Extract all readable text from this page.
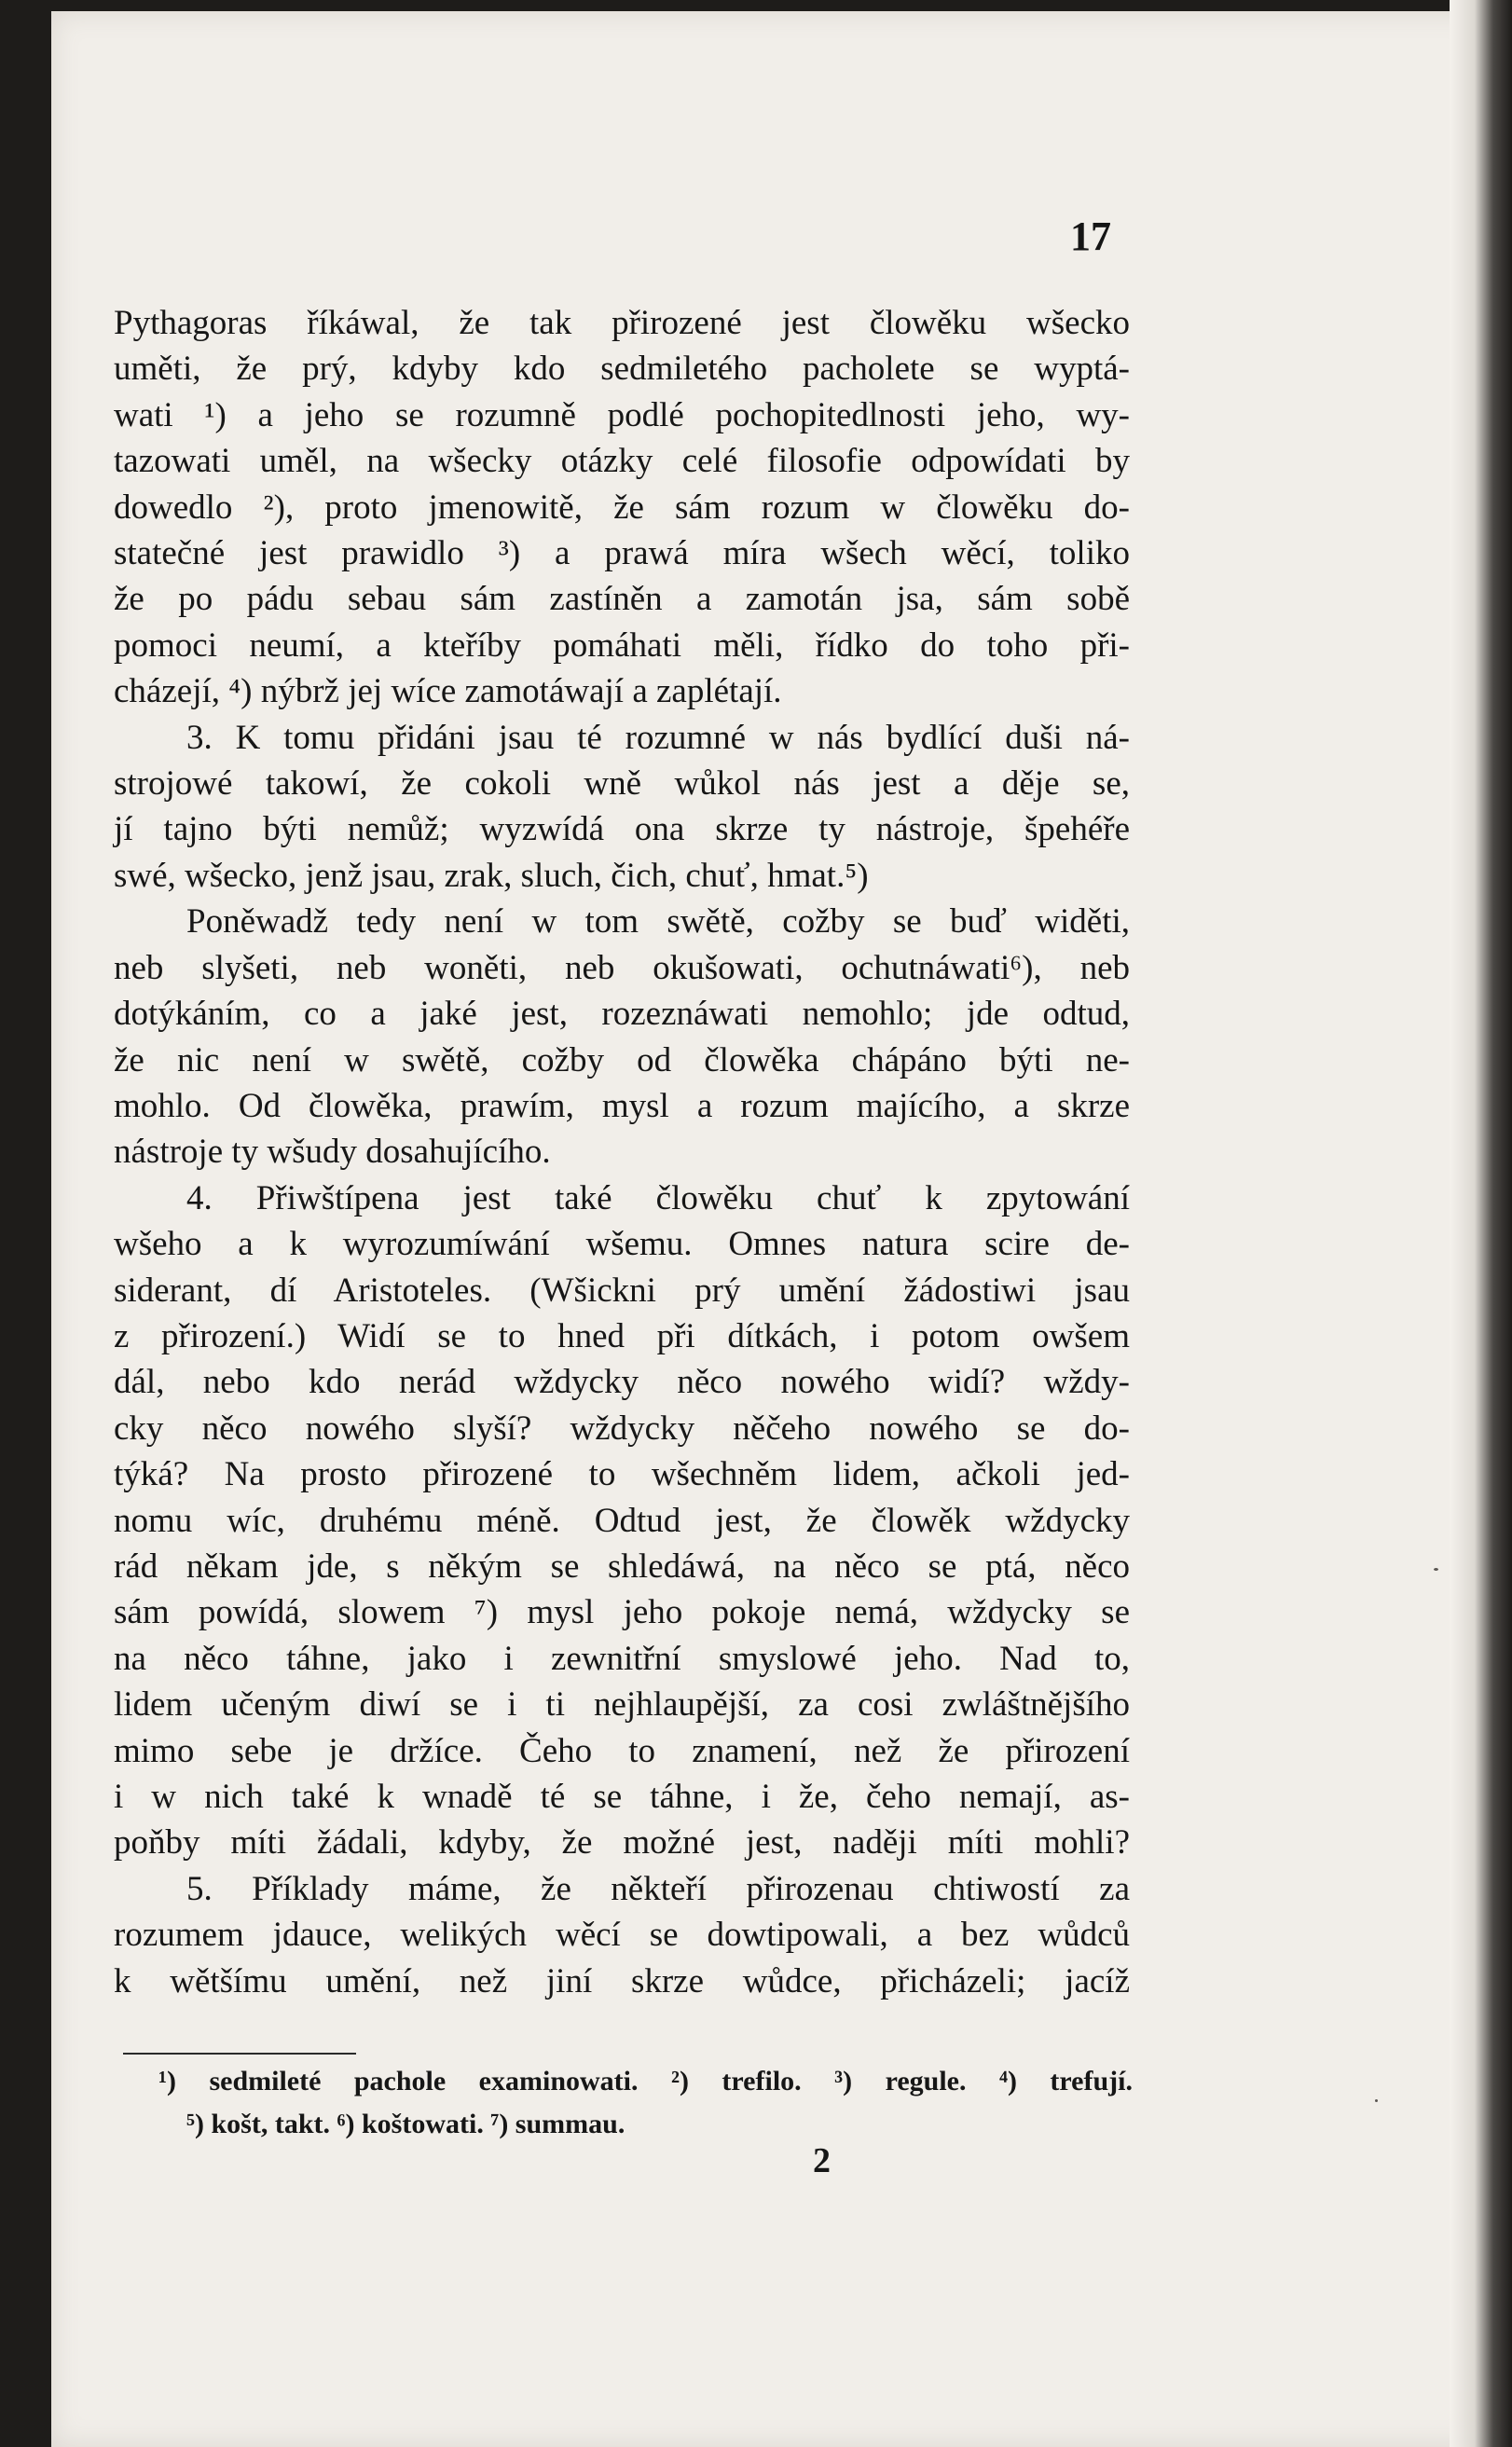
17
Pythagoras říkáwal, že tak přirozené jest člowěku wšecko
uměti, že prý, kdyby kdo sedmiletého pacholete se wyptá-
wati ¹) a jeho se rozumně podlé pochopitedlnosti jeho, wy-
tazowati uměl, na wšecky otázky celé filosofie odpowídati by
dowedlo ²), proto jmenowitě, že sám rozum w člowěku do-
statečné jest prawidlo ³) a prawá míra wšech wěcí, toliko
že po pádu sebau sám zastíněn a zamotán jsa, sám sobě
pomoci neumí, a kteříby pomáhati měli, řídko do toho při-
cházejí, ⁴) nýbrž jej wíce zamotáwají a zaplétají.
3. K tomu přidáni jsau té rozumné w nás bydlící duši ná-
strojowé takowí, že cokoli wně wůkol nás jest a děje se,
jí tajno býti nemůž; wyzwídá ona skrze ty nástroje, špehéře
swé, wšecko, jenž jsau, zrak, sluch, čich, chuť, hmat.⁵)
Poněwadž tedy není w tom swětě, cožby se buď widěti,
neb slyšeti, neb woněti, neb okušowati, ochutnáwati⁶), neb
dotýkáním, co a jaké jest, rozeznáwati nemohlo; jde odtud,
že nic není w swětě, cožby od člowěka chápáno býti ne-
mohlo. Od člowěka, prawím, mysl a rozum majícího, a skrze
nástroje ty wšudy dosahujícího.
4. Přiwštípena jest také člowěku chuť k zpytowání
wšeho a k wyrozumíwání wšemu. Omnes natura scire de-
siderant, dí Aristoteles. (Wšickni prý umění žádostiwi jsau
z přirození.) Widí se to hned při dítkách, i potom owšem
dál, nebo kdo nerád wždycky něco nowého widí? wždy-
cky něco nowého slyší? wždycky něčeho nowého se do-
týká? Na prosto přirozené to wšechněm lidem, ačkoli jed-
nomu wíc, druhému méně. Odtud jest, že člowěk wždycky
rád někam jde, s někým se shledáwá, na něco se ptá, něco
sám powídá, slowem ⁷) mysl jeho pokoje nemá, wždycky se
na něco táhne, jako i zewnitřní smyslowé jeho. Nad to,
lidem učeným diwí se i ti nejhlaupější, za cosi zwláštnějšího
mimo sebe je držíce. Čeho to znamení, než že přirození
i w nich také k wnadě té se táhne, i že, čeho nemají, as-
poňby míti žádali, kdyby, že možné jest, naději míti mohli?
5. Příklady máme, že někteří přirozenau chtiwostí za
rozumem jdauce, welikých wěcí se dowtipowali, a bez wůdců
k wětšímu umění, než jiní skrze wůdce, přicházeli; jacíž
¹) sedmileté pachole examinowati. ²) trefilo. ³) regule. ⁴) trefují.
⁵) košt, takt. ⁶) koštowati. ⁷) summau.
2
